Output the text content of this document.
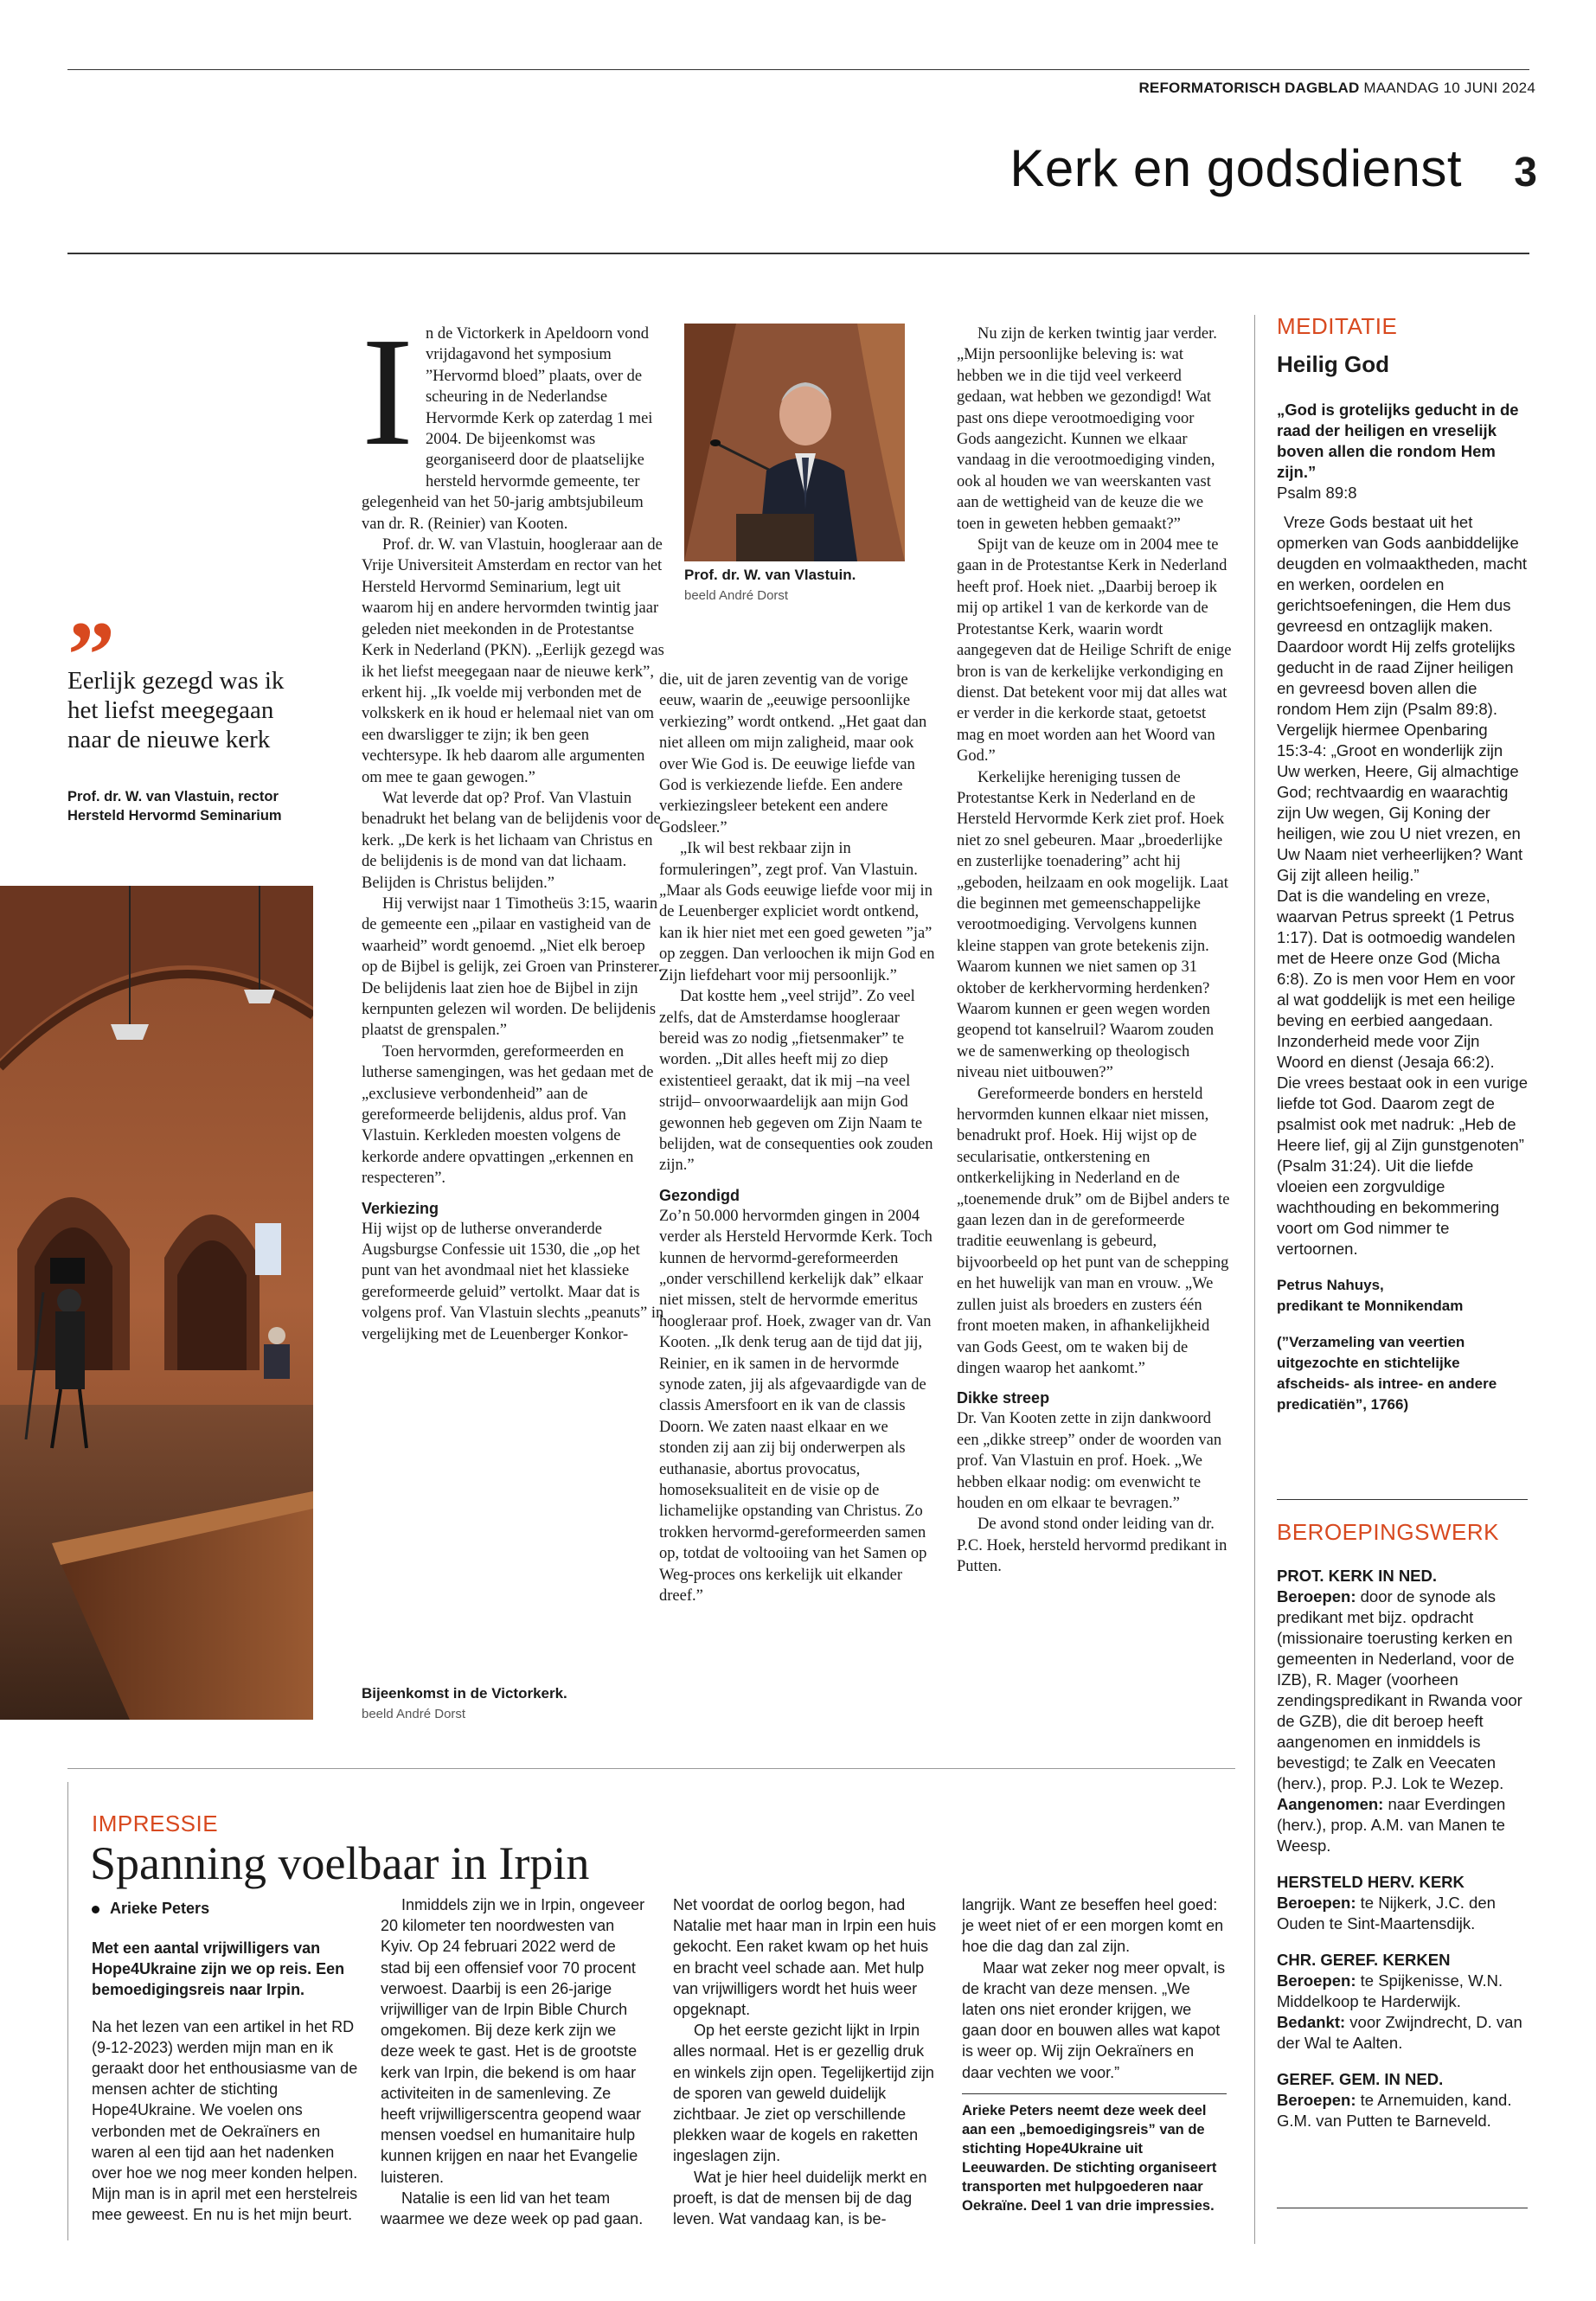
REFORMATORISCH DAGBLAD MAANDAG 10 JUNI 2024
Kerk en godsdienst 3
”
Eerlijk gezegd was ik het liefst meegegaan naar de nieuwe kerk
Prof. dr. W. van Vlastuin, rector Hersteld Hervormd Seminarium
Bijeenkomst in de Victorkerk.
beeld André Dorst
Prof. dr. W. van Vlastuin.
beeld André Dorst
I n de Victorkerk in Apeldoorn vond vrijdagavond het symposium ”Hervormd bloed” plaats, over de scheuring in de Nederlandse Hervormde Kerk op zaterdag 1 mei 2004. De bijeenkomst was georganiseerd door de plaatselijke hersteld hervormde gemeente, ter gelegenheid van het 50-jarig ambtsjubileum van dr. R. (Reinier) van Kooten.

Prof. dr. W. van Vlastuin, hoogleraar aan de Vrije Universiteit Amsterdam en rector van het Hersteld Hervormd Seminarium, legt uit waarom hij en andere hervormden twintig jaar geleden niet meekonden in de Protestantse Kerk in Nederland (PKN). „Eerlijk gezegd was ik het liefst meegegaan naar de nieuwe kerk”, erkent hij. „Ik voelde mij verbonden met de volkskerk en ik houd er helemaal niet van om een dwarsligger te zijn; ik ben geen vechtersype. Ik heb daarom alle argumenten om mee te gaan gewogen.”

Wat leverde dat op? Prof. Van Vlastuin benadrukt het belang van de belijdenis voor de kerk. „De kerk is het lichaam van Christus en de belijdenis is de mond van dat lichaam. Belijden is Christus belijden.”

Hij verwijst naar 1 Timotheüs 3:15, waarin de gemeente een „pilaar en vastigheid van de waarheid” wordt genoemd. „Niet elk beroep op de Bijbel is gelijk, zei Groen van Prinsterer. De belijdenis laat zien hoe de Bijbel in zijn kernpunten gelezen wil worden. De belijdenis plaatst de grenspalen.”

Toen hervormden, gereformeerden en lutherse samengingen, was het gedaan met de „exclusieve verbondenheid” aan de gereformeerde belijdenis, aldus prof. Van Vlastuin. Kerkleden moesten volgens de kerkorde andere opvattingen „erkennen en respecteren”.

Verkiezing

Hij wijst op de lutherse onveranderde Augsburgse Confessie uit 1530, die „op het punt van het avondmaal niet het klassieke gereformeerde geluid” vertolkt. Maar dat is volgens prof. Van Vlastuin slechts „peanuts” in vergelijking met de Leuenberger Konkor-

die, uit de jaren zeventig van de vorige eeuw, waarin de „eeuwige persoonlijke verkiezing” wordt ontkend. „Het gaat dan niet alleen om mijn zaligheid, maar ook over Wie God is. De eeuwige liefde van God is verkiezende liefde. Een andere verkiezingsleer betekent een andere Godsleer.”

„Ik wil best rekbaar zijn in formuleringen”, zegt prof. Van Vlastuin. „Maar als Gods eeuwige liefde voor mij in de Leuenberger expliciet wordt ontkend, kan ik hier niet met een goed geweten ”ja” op zeggen. Dan verloochen ik mijn God en Zijn liefdehart voor mij persoonlijk.”

Dat kostte hem „veel strijd”. Zo veel zelfs, dat de Amsterdamse hoogleraar bereid was zo nodig „fietsenmaker” te worden. „Dit alles heeft mij zo diep existentieel geraakt, dat ik mij –na veel strijd– onvoorwaardelijk aan mijn God gewonnen heb gegeven om Zijn Naam te belijden, wat de consequenties ook zouden zijn.”

Gezondigd

Zo’n 50.000 hervormden gingen in 2004 verder als Hersteld Hervormde Kerk. Toch kunnen de hervormd-gereformeerden „onder verschillend kerkelijk dak” elkaar niet missen, stelt de hervormde emeritus hoogleraar prof. Hoek, zwager van dr. Van Kooten. „Ik denk terug aan de tijd dat jij, Reinier, en ik samen in de hervormde synode zaten, jij als afgevaardigde van de classis Amersfoort en ik van de classis Doorn. We zaten naast elkaar en we stonden zij aan zij bij onderwerpen als euthanasie, abortus provocatus, homoseksualiteit en de visie op de lichamelijke opstanding van Christus. Zo trokken hervormd-gereformeerden samen op, totdat de voltooiing van het Samen op Weg-proces ons kerkelijk uit elkander dreef.”

Nu zijn de kerken twintig jaar verder. „Mijn persoonlijke beleving is: wat hebben we in die tijd veel verkeerd gedaan, wat hebben we gezondigd! Wat past ons diepe verootmoediging voor Gods aangezicht. Kunnen we elkaar vandaag in die verootmoediging vinden, ook al houden we van weerskanten vast aan de wettigheid van de keuze die we toen in geweten hebben gemaakt?”

Spijt van de keuze om in 2004 mee te gaan in de Protestantse Kerk in Nederland heeft prof. Hoek niet. „Daarbij beroep ik mij op artikel 1 van de kerkorde van de Protestantse Kerk, waarin wordt aangegeven dat de Heilige Schrift de enige bron is van de kerkelijke verkondiging en dienst. Dat betekent voor mij dat alles wat er verder in die kerkorde staat, getoetst mag en moet worden aan het Woord van God.”

Kerkelijke hereniging tussen de Protestantse Kerk in Nederland en de Hersteld Hervormde Kerk ziet prof. Hoek niet zo snel gebeuren. Maar „broederlijke en zusterlijke toenadering” acht hij „geboden, heilzaam en ook mogelijk. Laat die beginnen met gemeenschappelijke verootmoediging. Vervolgens kunnen kleine stappen van grote betekenis zijn. Waarom kunnen we niet samen op 31 oktober de kerkhervorming herdenken? Waarom kunnen er geen wegen worden geopend tot kanselruil? Waarom zouden we de samenwerking op theologisch niveau niet uitbouwen?”

Gereformeerde bonders en hersteld hervormden kunnen elkaar niet missen, benadrukt prof. Hoek. Hij wijst op de secularisatie, ontkerstening en ontkerkelijking in Nederland en de „toenemende druk” om de Bijbel anders te gaan lezen dan in de gereformeerde traditie eeuwenlang is gebeurd, bijvoorbeeld op het punt van de schepping en het huwelijk van man en vrouw. „We zullen juist als broeders en zusters één front moeten maken, in afhankelijkheid van Gods Geest, om te waken bij de dingen waarop het aankomt.”

Dikke streep

Dr. Van Kooten zette in zijn dankwoord een „dikke streep” onder de woorden van prof. Van Vlastuin en prof. Hoek. „We hebben elkaar nodig: om evenwicht te houden en om elkaar te bevragen.”

De avond stond onder leiding van dr. P.C. Hoek, hersteld hervormd predikant in Putten.

MEDITATIE
Heilig God
„God is grotelijks geducht in de raad der heiligen en vreselijk boven allen die rondom Hem zijn.”
Psalm 89:8
Vreze Gods bestaat uit het opmerken van Gods aanbiddelijke deugden en volmaaktheden, macht en werken, oordelen en gerichtsoefeningen, die Hem dus gevreesd en ontzaglijk maken. Daardoor wordt Hij zelfs grotelijks geducht in de raad Zijner heiligen en gevreesd boven allen die rondom Hem zijn (Psalm 89:8). Vergelijk hiermee Openbaring 15:3-4: „Groot en wonderlijk zijn Uw werken, Heere, Gij almachtige God; rechtvaardig en waarachtig zijn Uw wegen, Gij Koning der heiligen, wie zou U niet vrezen, en Uw Naam niet verheerlijken? Want Gij zijt alleen heilig.”
Dat is die wandeling en vreze, waarvan Petrus spreekt (1 Petrus 1:17). Dat is ootmoedig wandelen met de Heere onze God (Micha 6:8). Zo is men voor Hem en voor al wat goddelijk is met een heilige beving en eerbied aangedaan. Inzonderheid mede voor Zijn Woord en dienst (Jesaja 66:2).
Die vrees bestaat ook in een vurige liefde tot God. Daarom zegt de psalmist ook met nadruk: „Heb de Heere lief, gij al Zijn gunstgenoten” (Psalm 31:24). Uit die liefde vloeien een zorgvuldige wachthouding en bekommering voort om God nimmer te vertoornen.
Petrus Nahuys,
predikant te Monnikendam
(”Verzameling van veertien uitgezochte en stichtelijke afscheids- als intree- en andere predicatiën”, 1766)
BEROEPINGSWERK
PROT. KERK IN NED.
Beroepen: door de synode als predikant met bijz. opdracht (missionaire toerusting kerken en gemeenten in Nederland, voor de IZB), R. Mager (voorheen zendingspredikant in Rwanda voor de GZB), die dit beroep heeft aangenomen en inmiddels is bevestigd; te Zalk en Veecaten (herv.), prop. P.J. Lok te Wezep.
Aangenomen: naar Everdingen (herv.), prop. A.M. van Manen te Weesp.
HERSTELD HERV. KERK
Beroepen: te Nijkerk, J.C. den Ouden te Sint-Maartensdijk.
CHR. GEREF. KERKEN
Beroepen: te Spijkenisse, W.N. Middelkoop te Harderwijk.
Bedankt: voor Zwijndrecht, D. van der Wal te Aalten.
GEREF. GEM. IN NED.
Beroepen: te Arnemuiden, kand. G.M. van Putten te Barneveld.
IMPRESSIE
Spanning voelbaar in Irpin
Arieke Peters

Met een aantal vrijwilligers van Hope4Ukraine zijn we op reis. Een bemoedigingsreis naar Irpin.

Na het lezen van een artikel in het RD (9-12-2023) werden mijn man en ik geraakt door het enthousiasme van de mensen achter de stichting Hope4Ukraine. We voelen ons verbonden met de Oekraïners en waren al een tijd aan het nadenken over hoe we nog meer konden helpen. Mijn man is in april met een herstelreis mee geweest. En nu is het mijn beurt.

Inmiddels zijn we in Irpin, ongeveer 20 kilometer ten noordwesten van Kyiv. Op 24 februari 2022 werd de stad bij een offensief voor 70 procent verwoest. Daarbij is een 26-jarige vrijwilliger van de Irpin Bible Church omgekomen. Bij deze kerk zijn we deze week te gast. Het is de grootste kerk van Irpin, die bekend is om haar activiteiten in de samenleving. Ze heeft vrijwilligerscentra geopend waar mensen voedsel en humanitaire hulp kunnen krijgen en naar het Evangelie luisteren.

Natalie is een lid van het team waarmee we deze week op pad gaan.

Net voordat de oorlog begon, had Natalie met haar man in Irpin een huis gekocht. Een raket kwam op het huis en bracht veel schade aan. Met hulp van vrijwilligers wordt het huis weer opgeknapt.

Op het eerste gezicht lijkt in Irpin alles normaal. Het is er gezellig druk en winkels zijn open. Tegelijkertijd zijn de sporen van geweld duidelijk zichtbaar. Je ziet op verschillende plekken waar de kogels en raketten ingeslagen zijn.

Wat je hier heel duidelijk merkt en proeft, is dat de mensen bij de dag leven. Wat vandaag kan, is be-

langrijk. Want ze beseffen heel goed: je weet niet of er een morgen komt en hoe die dag dan zal zijn.

Maar wat zeker nog meer opvalt, is de kracht van deze mensen. „We laten ons niet eronder krijgen, we gaan door en bouwen alles wat kapot is weer op. Wij zijn Oekraïners en daar vechten we voor.”

Arieke Peters neemt deze week deel aan een „bemoedigingsreis” van de stichting Hope4Ukraine uit Leeuwarden. De stichting organiseert transporten met hulpgoederen naar Oekraïne. Deel 1 van drie impressies.
